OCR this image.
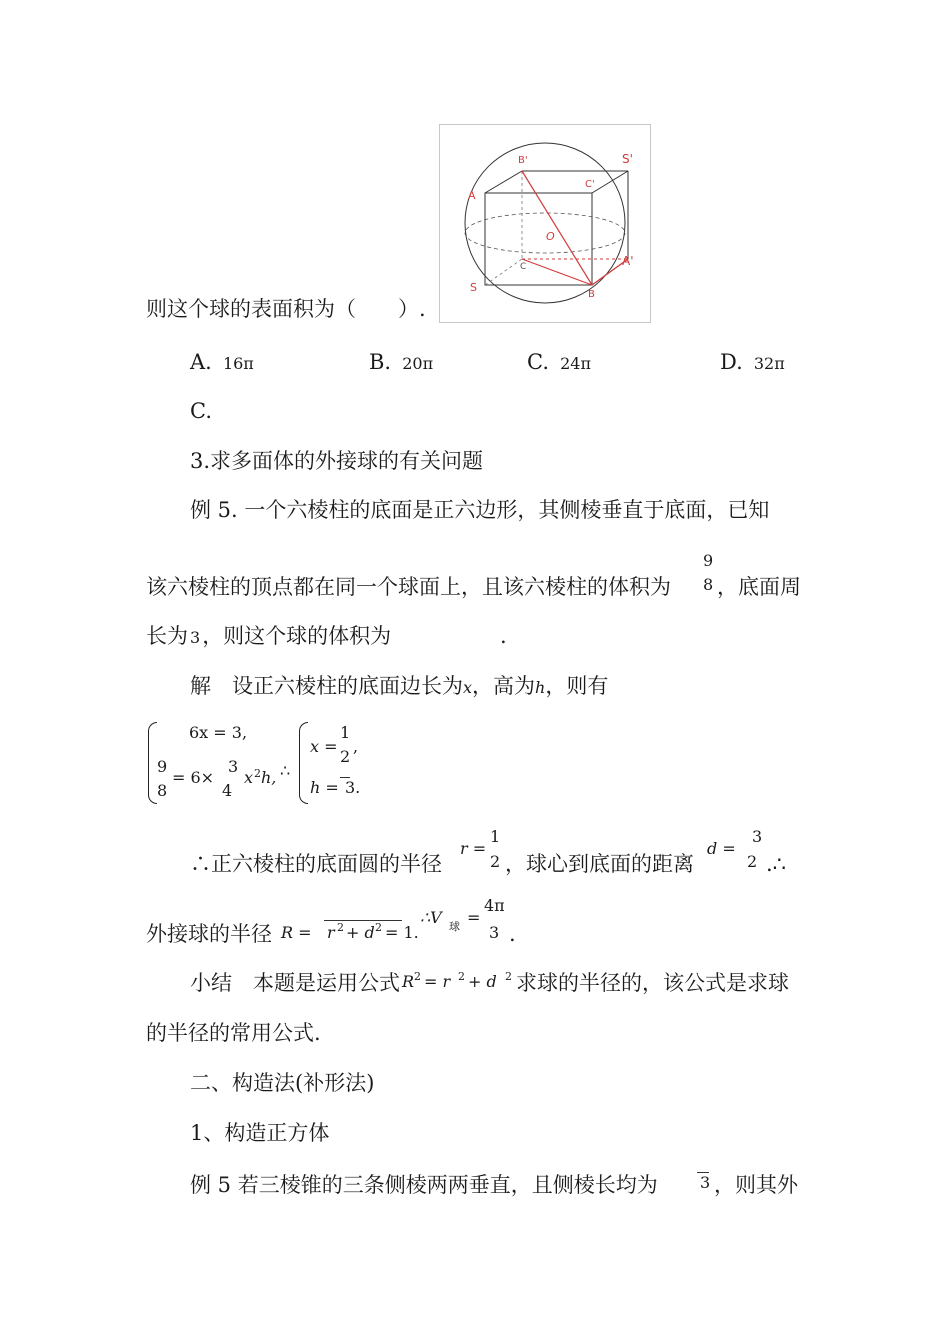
B'	S'
A
C'
O
C	A'
S
B
则这个球的表面积为（　　）.
A. 16π	B. 20π	C. 24π	D. 32π
C.
3.求多面体的外接球的有关问题
例 5. 一个六棱柱的底面是正六边形，其侧棱垂直于底面，已知
该六棱柱的顶点都在同一个球面上，且该六棱柱的体积为
9
8 ，底面周
长为 3，则这个球的体积为	.
解　设正六棱柱的底面边长为x，高为h，则有
6x = 3,
9
8
= 6×
3
4
x 2 h, ∴
x =
1
2
,
h = 3.
∴正六棱柱的底面圆的半径
r =
1
2 ，球心到底面的距离
d =
3
2 .∴
外接球的半径 R = r 2 + d 2 = 1.
∴V 球 =
4π
3 .
小结　本题是运用公式 R 2 = r 2 + d 2 求球的半径的，该公式是求球
的半径的常用公式.
二、构造法(补形法)
1、构造正方体
例 5 若三棱锥的三条侧棱两两垂直，且侧棱长均为	3 ，则其外
